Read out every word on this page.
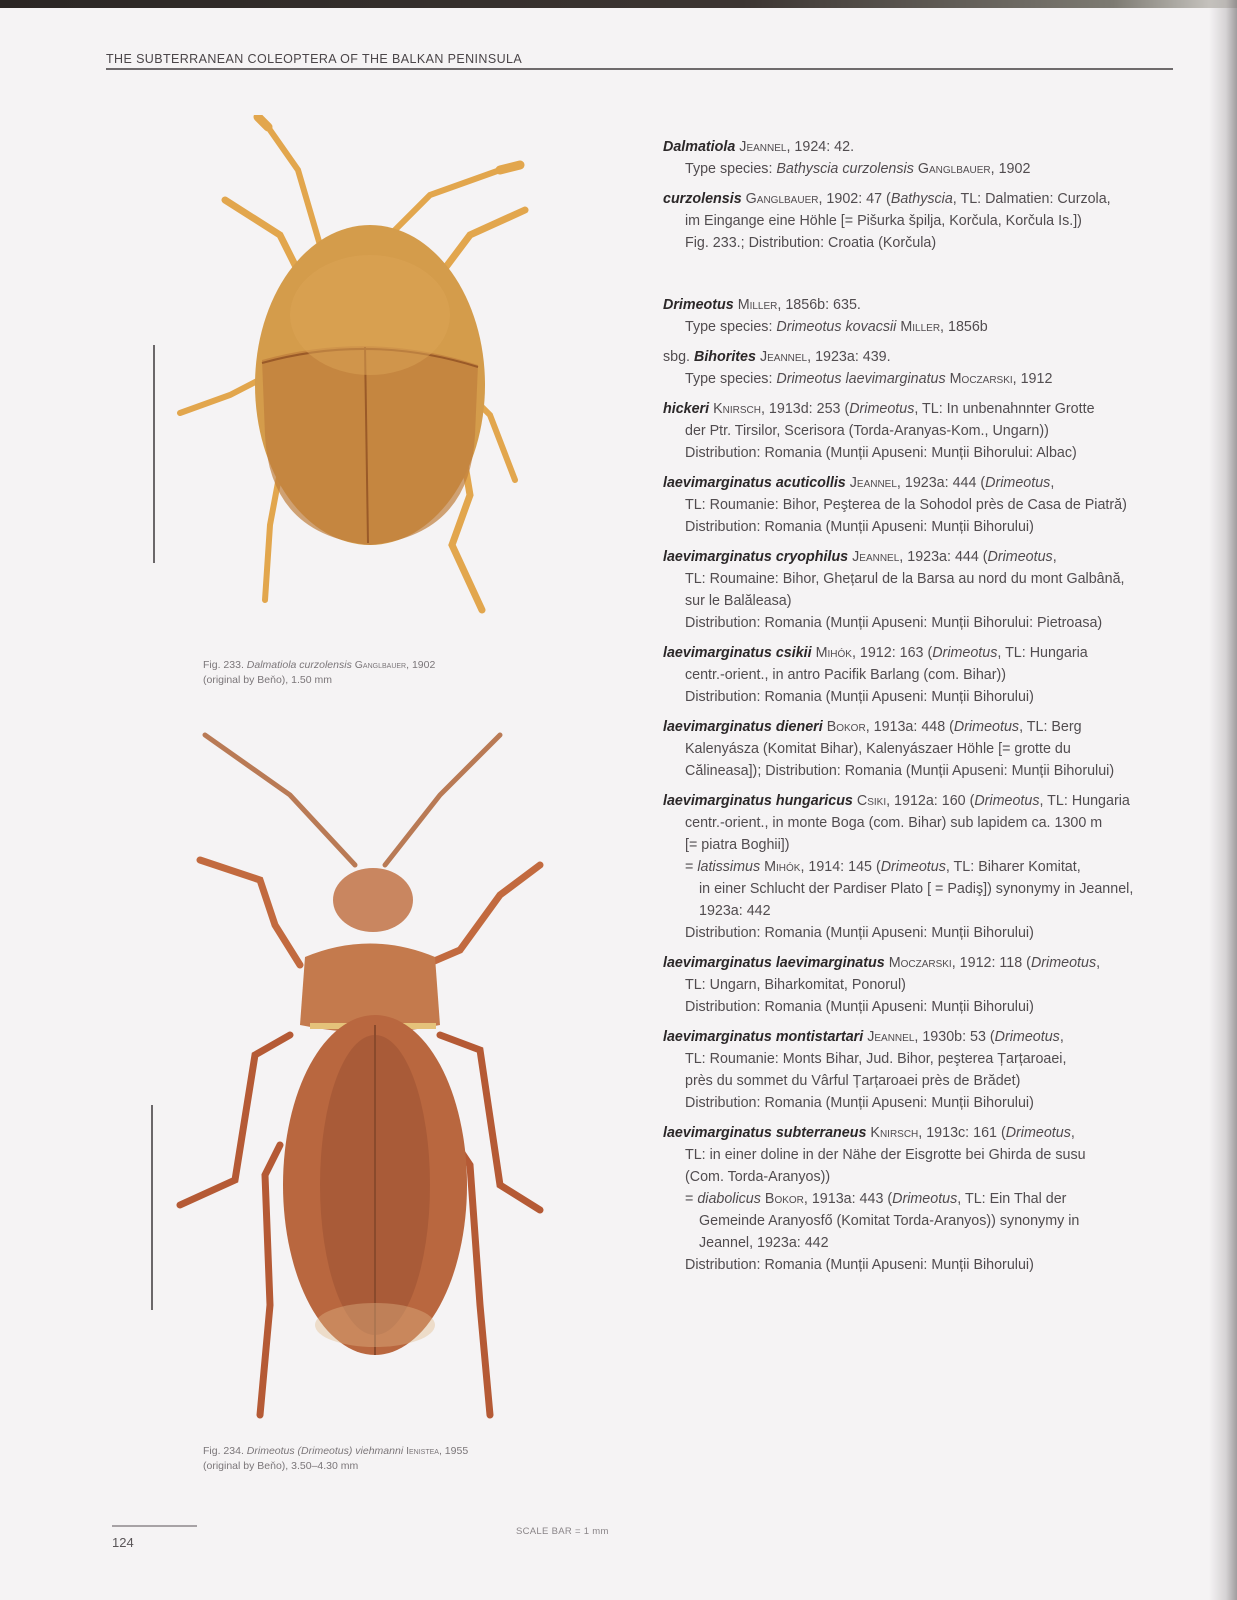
THE SUBTERRANEAN COLEOPTERA OF THE BALKAN PENINSULA
Fig. 233. Dalmatiola curzolensis Ganglbauer, 1902
(original by Beňo), 1.50 mm
Fig. 234. Drimeotus (Drimeotus) viehmanni Ienistea, 1955
(original by Beňo), 3.50–4.30 mm
Dalmatiola Jeannel, 1924: 42.
Type species: Bathyscia curzolensis Ganglbauer, 1902
curzolensis Ganglbauer, 1902: 47 (Bathyscia, TL: Dalmatien: Curzola,
im Eingange eine Höhle [= Pišurka špilja, Korčula, Korčula Is.])
Fig. 233.; Distribution: Croatia (Korčula)
Drimeotus Miller, 1856b: 635.
Type species: Drimeotus kovacsii Miller, 1856b
sbg. Bihorites Jeannel, 1923a: 439.
Type species: Drimeotus laevimarginatus Moczarski, 1912
hickeri Knirsch, 1913d: 253 (Drimeotus, TL: In unbenahnnter Grotte
der Ptr. Tirsilor, Scerisora (Torda-Aranyas-Kom., Ungarn))
Distribution: Romania (Munții Apuseni: Munții Bihorului: Albac)
laevimarginatus acuticollis Jeannel, 1923a: 444 (Drimeotus,
TL: Roumanie: Bihor, Peşterea de la Sohodol près de Casa de Piatră)
Distribution: Romania (Munții Apuseni: Munții Bihorului)
laevimarginatus cryophilus Jeannel, 1923a: 444 (Drimeotus,
TL: Roumaine: Bihor, Ghețarul de la Barsa au nord du mont Galbână,
sur le Balăleasa)
Distribution: Romania (Munții Apuseni: Munții Bihorului: Pietroasa)
laevimarginatus csikii Mihók, 1912: 163 (Drimeotus, TL: Hungaria
centr.-orient., in antro Pacifik Barlang (com. Bihar))
Distribution: Romania (Munții Apuseni: Munții Bihorului)
laevimarginatus dieneri Bokor, 1913a: 448 (Drimeotus, TL: Berg
Kalenyásza (Komitat Bihar), Kalenyászaer Höhle [= grotte du
Călineasa]); Distribution: Romania (Munții Apuseni: Munții Bihorului)
laevimarginatus hungaricus Csiki, 1912a: 160 (Drimeotus, TL: Hungaria
centr.-orient., in monte Boga (com. Bihar) sub lapidem ca. 1300 m
[= piatra Boghii])
= latissimus Mihók, 1914: 145 (Drimeotus, TL: Biharer Komitat,
in einer Schlucht der Pardiser Plato [ = Padiş]) synonymy in Jeannel,
1923a: 442
Distribution: Romania (Munții Apuseni: Munții Bihorului)
laevimarginatus laevimarginatus Moczarski, 1912: 118 (Drimeotus,
TL: Ungarn, Biharkomitat, Ponorul)
Distribution: Romania (Munții Apuseni: Munții Bihorului)
laevimarginatus montistartari Jeannel, 1930b: 53 (Drimeotus,
TL: Roumanie: Monts Bihar, Jud. Bihor, peşterea Țarțaroaei,
près du sommet du Vârful Țarțaroaei près de Brădet)
Distribution: Romania (Munții Apuseni: Munții Bihorului)
laevimarginatus subterraneus Knirsch, 1913c: 161 (Drimeotus,
TL: in einer doline in der Nähe der Eisgrotte bei Ghirda de susu
(Com. Torda-Aranyos))
= diabolicus Bokor, 1913a: 443 (Drimeotus, TL: Ein Thal der
Gemeinde Aranyosfő (Komitat Torda-Aranyos)) synonymy in
Jeannel, 1923a: 442
Distribution: Romania (Munții Apuseni: Munții Bihorului)
124
SCALE BAR = 1 mm
